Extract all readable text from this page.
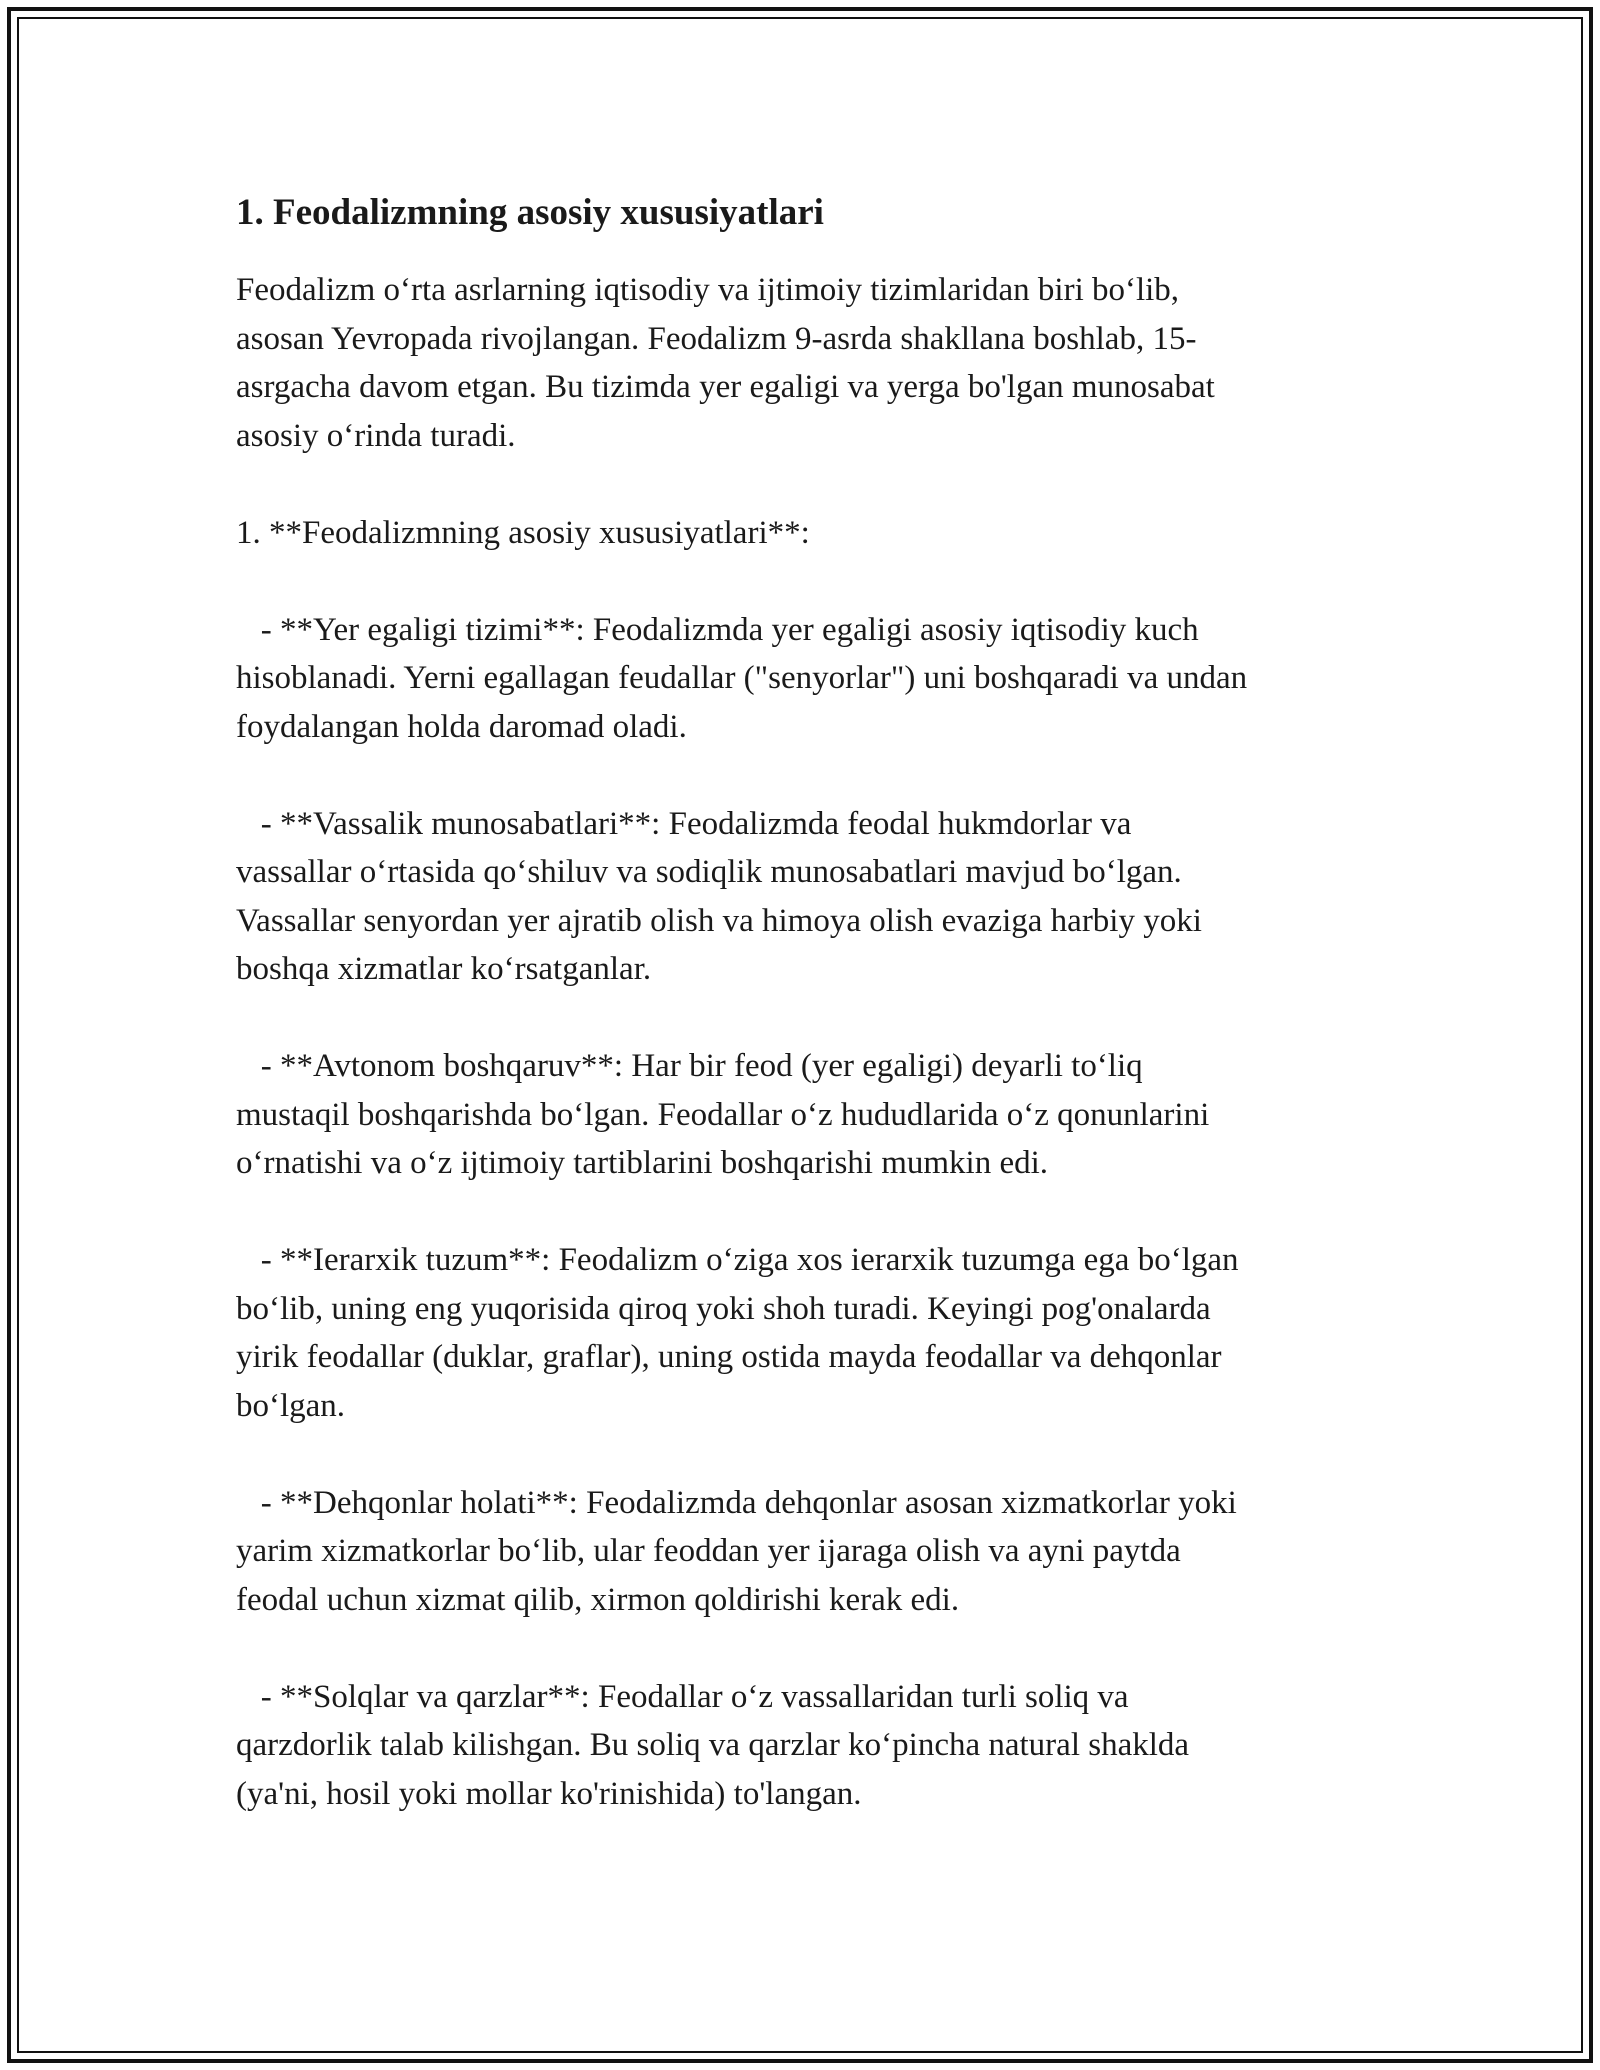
1. Feodalizmning asosiy xususiyatlari
Feodalizm o‘rta asrlarning iqtisodiy va ijtimoiy tizimlaridan biri bo‘lib,
asosan Yevropada rivojlangan. Feodalizm 9-asrda shakllana boshlab, 15-
asrgacha davom etgan. Bu tizimda yer egaligi va yerga bo'lgan munosabat
asosiy o‘rinda turadi.
1. **Feodalizmning asosiy xususiyatlari**:
- **Yer egaligi tizimi**: Feodalizmda yer egaligi asosiy iqtisodiy kuch
hisoblanadi. Yerni egallagan feudallar ("senyorlar") uni boshqaradi va undan
foydalangan holda daromad oladi.
- **Vassalik munosabatlari**: Feodalizmda feodal hukmdorlar va
vassallar o‘rtasida qo‘shiluv va sodiqlik munosabatlari mavjud bo‘lgan.
Vassallar senyordan yer ajratib olish va himoya olish evaziga harbiy yoki
boshqa xizmatlar ko‘rsatganlar.
- **Avtonom boshqaruv**: Har bir feod (yer egaligi) deyarli to‘liq
mustaqil boshqarishda bo‘lgan. Feodallar o‘z hududlarida o‘z qonunlarini
o‘rnatishi va o‘z ijtimoiy tartiblarini boshqarishi mumkin edi.
- **Ierarxik tuzum**: Feodalizm o‘ziga xos ierarxik tuzumga ega bo‘lgan
bo‘lib, uning eng yuqorisida qiroq yoki shoh turadi. Keyingi pog'onalarda
yirik feodallar (duklar, graflar), uning ostida mayda feodallar va dehqonlar
bo‘lgan.
- **Dehqonlar holati**: Feodalizmda dehqonlar asosan xizmatkorlar yoki
yarim xizmatkorlar bo‘lib, ular feoddan yer ijaraga olish va ayni paytda
feodal uchun xizmat qilib, xirmon qoldirishi kerak edi.
- **Solqlar va qarzlar**: Feodallar o‘z vassallaridan turli soliq va
qarzdorlik talab kilishgan. Bu soliq va qarzlar ko‘pincha natural shaklda
(ya'ni, hosil yoki mollar ko'rinishida) to'langan.
